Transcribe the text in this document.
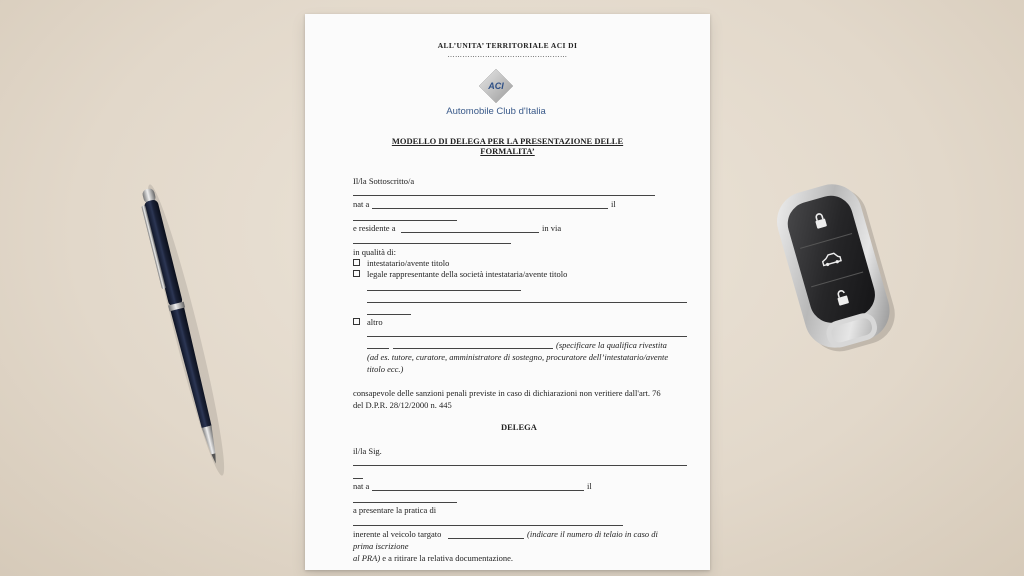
ALL’UNITA’ TERRITORIALE ACI DI
…………………………………………
ACI
Automobile Club d'Italia
MODELLO DI DELEGA PER LA PRESENTAZIONE DELLE
FORMALITA’
Il/la Sottoscritto/a
nat a	il
e residente a	in via
in qualità di:
intestatario/avente titolo
legale rappresentante della società intestataria/avente titolo
altro
(specificare la qualifica rivestita
(ad es. tutore, curatore, amministratore di sostegno, procuratore dell’intestatario/avente
titolo ecc.)
consapevole delle sanzioni penali previste in caso di dichiarazioni non veritiere dall'art. 76
del D.P.R. 28/12/2000 n. 445
DELEGA
il/la Sig.
nat a	il
a presentare la pratica di
inerente al veicolo targato	(indicare il numero di telaio in caso di
prima iscrizione
al PRA) e a ritirare la relativa documentazione.
